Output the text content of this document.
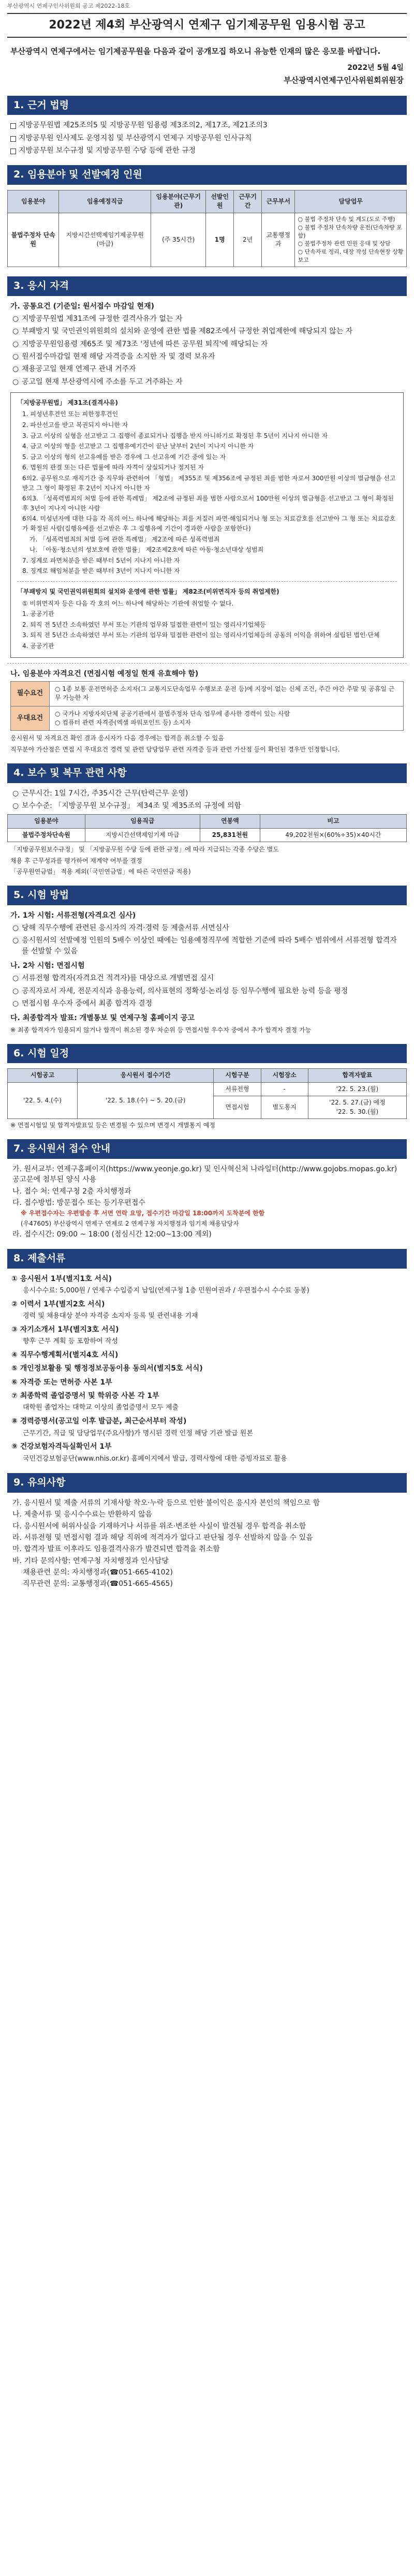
부산광역시 연제구인사위원회 공고 제2022-18호
2022년 제4회 부산광역시 연제구 임기제공무원 임용시험 공고
부산광역시 연제구에서는 임기제공무원을 다음과 같이 공개모집 하오니 유능한 인재의 많은 응모를 바랍니다.
2022년 5월 4일
부산광역시연제구인사위원회위원장
1. 근거 법령
지방공무원법 제25조의5 및 지방공무원 임용령 제3조의2, 제17조, 제21조의3
지방공무원 인사제도 운영지침 및 부산광역시 연제구 지방공무원 인사규칙
지방공무원 보수규정 및 지방공무원 수당 등에 관한 규정
2. 임용분야 및 선발예정 인원
임용분야	임용예정직급	임용분야(근무기관)	선발인원	근무기간	근무부서	담당업무
불법주정차 단속원	지방시간선택제임기제공무원(마급)	(주 35시간)	1명	2년	교통행정과	○ 불법 주정차 단속 및 계도(도로 주행)
○ 불법 주정차 단속차량 운전(단속차량 포함)
○ 불법주정차 관련 민원 응대 및 상담
○ 단속자료 정리, 대장 작성 단속현장 상황보고
3. 응시 자격
가. 공통요건 (기준일: 원서접수 마감일 현재)
○ 지방공무원법 제31조에 규정한 결격사유가 없는 자
○ 부패방지 및 국민권익위원회의 설치와 운영에 관한 법률 제82조에서 규정한 취업제한에 해당되지 않는 자
○ 지방공무원임용령 제65조 및 제73조 '정년에 따른 공무원 퇴직'에 해당되는 자
○ 원서접수마감일 현재 해당 자격증을 소지한 자 및 경력 보유자
○ 채용공고일 현재 연제구 관내 거주자
○ 공고일 현재 부산광역시에 주소를 두고 거주하는 자
「지방공무원법」 제31조(결격사유)
1. 피성년후견인 또는 피한정후견인
2. 파산선고를 받고 복권되지 아니한 자
3. 금고 이상의 실형을 선고받고 그 집행이 종료되거나 집행을 받지 아니하기로 확정된 후 5년이 지나지 아니한 자
4. 금고 이상의 형을 선고받고 그 집행유예기간이 끝난 날부터 2년이 지나지 아니한 자
5. 금고 이상의 형의 선고유예를 받은 경우에 그 선고유예 기간 중에 있는 자
6. 법원의 판결 또는 다른 법률에 따라 자격이 상실되거나 정지된 자
6의2. 공무원으로 재직기간 중 직무와 관련하여 「형법」 제355조 및 제356조에 규정된 죄를 범한 자로서 300만원 이상의 벌금형을 선고받고 그 형이 확정된 후 2년이 지나지 아니한 자
6의3. 「성폭력범죄의 처벌 등에 관한 특례법」 제2조에 규정된 죄를 범한 사람으로서 100만원 이상의 벌금형을 선고받고 그 형이 확정된 후 3년이 지나지 아니한 사람
6의4. 미성년자에 대한 다음 각 목의 어느 하나에 해당하는 죄를 저질러 파면·해임되거나 형 또는 치료감호를 선고받아 그 형 또는 치료감호가 확정된 사람(집행유예를 선고받은 후 그 집행유예 기간이 경과한 사람을 포함한다)
가. 「성폭력범죄의 처벌 등에 관한 특례법」 제2조에 따른 성폭력범죄
나. 「아동·청소년의 성보호에 관한 법률」 제2조제2호에 따른 아동·청소년대상 성범죄
7. 징계로 파면처분을 받은 때부터 5년이 지나지 아니한 자
8. 징계로 해임처분을 받은 때부터 3년이 지나지 아니한 자
「부패방지 및 국민권익위원회의 설치와 운영에 관한 법률」 제82조(비위면직자 등의 취업제한)
① 비위면직자 등은 다음 각 호의 어느 하나에 해당하는 기관에 취업할 수 없다.
1. 공공기관
2. 퇴직 전 5년간 소속하였던 부서 또는 기관의 업무와 밀접한 관련이 있는 영리사기업체등
3. 퇴직 전 5년간 소속하였던 부서 또는 기관의 업무와 밀접한 관련이 있는 영리사기업체등의 공동의 이익을 위하여 설립된 법인·단체
4. 공공기관
나. 임용분야 자격요건 (면접시험 예정일 현재 유효해야 함)
필수요건
○ 1종 보통 운전면허증 소지자(그 교통지도단속업무 수행보조 운전 등)에 지장이 없는 신체 조건, 주간 야간 주말 및 공휴일 근무 가능한 자
우대요건
○ 국가나 지방자치단체 공공기관에서 불법주정차 단속 업무에 종사한 경력이 있는 사람
○ 컴퓨터 관련 자격증(엑셀 파워포인트 등) 소지자
응시원서 및 자격요건 확인 결과 응시자가 다음 경우에는 합격을 취소할 수 있음
직무분야 가산점은 면접 시 우대요건 경력 및 관련 담당업무 관련 자격증 등과 관련 가산점 등이 확인된 경우만 인정합니다.
4. 보수 및 복무 관련 사항
○ 근무시간: 1일 7시간, 주35시간 근무(탄력근무 운영)
○ 보수수준: 「지방공무원 보수규정」 제34조 및 제35조의 규정에 의함
임용분야	임용직급	연봉액	비고
불법주정차단속원	지방시간선택제임기제 마급	25,831천원	49,202천원×(60%÷35)×40시간
「지방공무원보수규정」 및 「지방공무원 수당 등에 관한 규정」에 따라 지급되는 각종 수당은 별도
채용 후 근무성과를 평가하여 재계약 여부를 결정
「공무원연금법」 적용 제외(「국민연금법」에 따른 국민연금 적용)
5. 시험 방법
가. 1차 시험: 서류전형(자격요건 심사)
○ 당해 직무수행에 관련된 응시자의 자격·경력 등 제출서류 서면심사
○ 응시원서의 선발예정 인원의 5배수 이상인 때에는 임용예정직무에 적합한 기준에 따라 5배수 범위에서 서류전형 합격자를 선발할 수 있음
나. 2차 시험: 면접시험
○ 서류전형 합격자(자격요건 적격자)를 대상으로 개별면접 실시
○ 공직자로서 자세, 전문지식과 응용능력, 의사표현의 정확성·논리성 등 임무수행에 필요한 능력 등을 평정
○ 면접시험 우수자 중에서 최종 합격자 결정
다. 최종합격자 발표: 개별통보 및 연제구청 홈페이지 공고
※ 최종 합격자가 임용되지 않거나 합격이 취소된 경우 차순위 등 면접시험 우수자 중에서 추가 합격자 결정 가능
6. 시험 일정
시험공고	응시원서 접수기간	시험구분	시험장소	합격자발표
'22. 5. 4.(수)	'22. 5. 18.(수) ~ 5. 20.(금)	서류전형	-	'22. 5. 23.(월)
		면접시험	별도통지	'22. 5. 27.(금) 예정
'22. 5. 30.(월)
※ 면접시험일 및 합격자발표일 등은 변경될 수 있으며 변경시 개별통지 예정
7. 응시원서 접수 안내
가. 원서교부: 연제구홈페이지(https://www.yeonje.go.kr) 및 인사혁신처 나라일터(http://www.gojobs.mopas.go.kr) 공고문에 첨부된 양식 사용
나. 접수 처: 연제구청 2층 자치행정과
다. 접수방법: 방문접수 또는 등기우편접수
※ 우편접수자는 우편발송 후 서면 연락 요망, 접수기간 마감일 18:00까지 도착분에 한함
(우47605) 부산광역시 연제구 연제로 2 연제구청 자치행정과 임기제 채용담당자
라. 접수시간: 09:00 ~ 18:00 (점심시간 12:00~13:00 제외)
8. 제출서류
① 응시원서 1부(별지1호 서식)
응시수수료: 5,000원 / 연제구 수입증지 납입(연제구청 1층 민원여권과 / 우편접수시 수수료 동봉)
② 이력서 1부(별지2호 서식)
경력 및 채용대상 분야 자격증 소지자 등록 및 관련내용 기재
③ 자기소개서 1부(별지3호 서식)
향후 근무 계획 등 포함하여 작성
④ 직무수행계획서(별지4호 서식)
⑤ 개인정보활용 및 행정정보공동이용 동의서(별지5호 서식)
⑥ 자격증 또는 면허증 사본 1부
⑦ 최종학력 졸업증명서 및 학위증 사본 각 1부
대학원 졸업자는 대학교 이상의 졸업증명서 모두 제출
⑧ 경력증명서(공고일 이후 발급분, 최근순서부터 작성)
근무기간, 직급 및 담당업무(주요사항)가 명시된 경력 인정 해당 기관 발급 원본
⑨ 건강보험자격득실확인서 1부
국민건강보험공단(www.nhis.or.kr) 홈페이지에서 발급, 경력사항에 대한 증빙자료로 활용
9. 유의사항
가. 응시원서 및 제출 서류의 기재사항 착오·누락 등으로 인한 불이익은 응시자 본인의 책임으로 함
나. 제출서류 및 응시수수료는 반환하지 않음
다. 응시원서에 허위사실을 기재하거나 서류를 위조·변조한 사실이 발견될 경우 합격을 취소함
라. 서류전형 및 면접시험 결과 해당 직위에 적격자가 없다고 판단될 경우 선발하지 않을 수 있음
마. 합격자 발표 이후라도 임용결격사유가 발견되면 합격을 취소함
바. 기타 문의사항: 연제구청 자치행정과 인사담당
채용관련 문의: 자치행정과(☎051-665-4102)
직무관련 문의: 교통행정과(☎051-665-4565)
